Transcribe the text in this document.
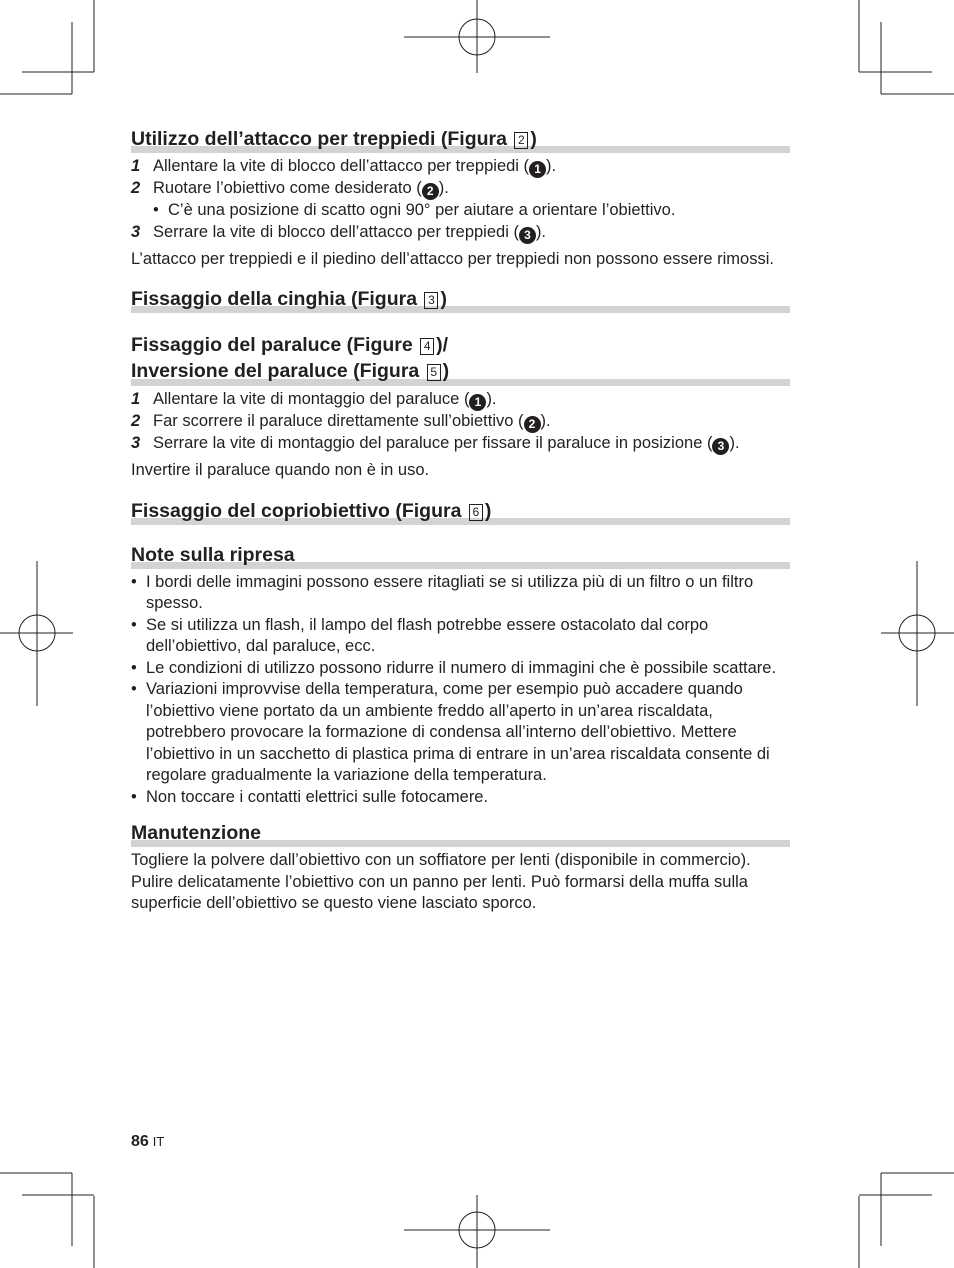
Utilizzo dell’attacco per treppiedi (Figura 2 )
1 Allentare la vite di blocco dell’attacco per treppiedi ( 1 ).
2 Ruotare l’obiettivo come desiderato ( 2 ).
• C’è una posizione di scatto ogni 90° per aiutare a orientare l’obiettivo.
3 Serrare la vite di blocco dell’attacco per treppiedi ( 3 ).

L’attacco per treppiedi e il piedino dell’attacco per treppiedi non possono essere rimossi.

Fissaggio della cinghia (Figura 3 )
Fissaggio del paraluce (Figure 4 )/
Inversione del paraluce (Figura 5 )
1 Allentare la vite di montaggio del paraluce ( 1 ).
2 Far scorrere il paraluce direttamente sull’obiettivo ( 2 ).
3 Serrare la vite di montaggio del paraluce per fissare il paraluce in posizione ( 3 ).

Invertire il paraluce quando non è in uso.

Fissaggio del copriobiettivo (Figura 6 )
Note sulla ripresa
• I bordi delle immagini possono essere ritagliati se si utilizza più di un filtro o un filtro spesso.
• Se si utilizza un flash, il lampo del flash potrebbe essere ostacolato dal corpo dell’obiettivo, dal paraluce, ecc.
• Le condizioni di utilizzo possono ridurre il numero di immagini che è possibile scattare.
• Variazioni improvvise della temperatura, come per esempio può accadere quando l’obiettivo viene portato da un ambiente freddo all’aperto in un’area riscaldata, potrebbero provocare la formazione di condensa all’interno dell’obiettivo. Mettere l’obiettivo in un sacchetto di plastica prima di entrare in un’area riscaldata consente di regolare gradualmente la variazione della temperatura.
• Non toccare i contatti elettrici sulle fotocamere.
Manutenzione

Togliere la polvere dall’obiettivo con un soffiatore per lenti (disponibile in commercio). Pulire delicatamente l’obiettivo con un panno per lenti. Può formarsi della muffa sulla superficie dell’obiettivo se questo viene lasciato sporco.

86 IT
